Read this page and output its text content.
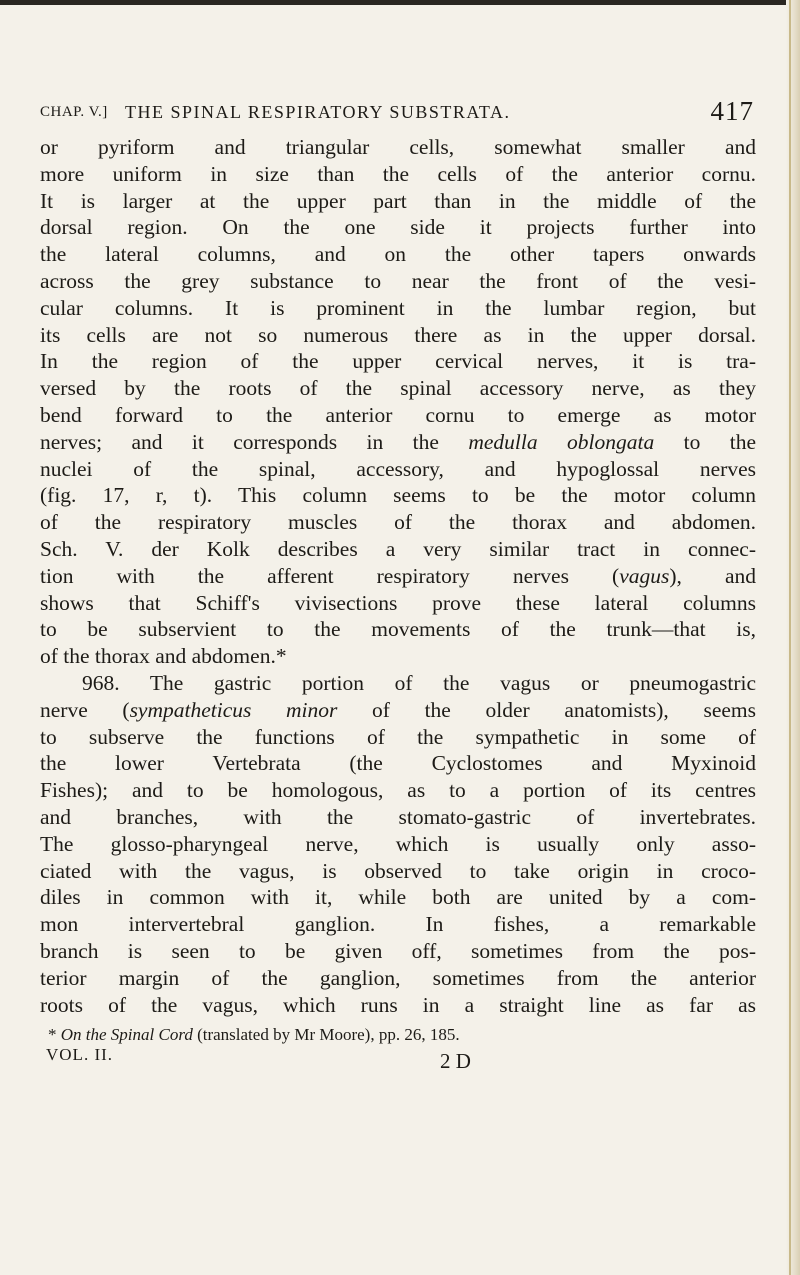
CHAP. V.] THE SPINAL RESPIRATORY SUBSTRATA.	417

or pyriform and triangular cells, somewhat smaller and
more uniform in size than the cells of the anterior cornu.
It is larger at the upper part than in the middle of the
dorsal region. On the one side it projects further into
the lateral columns, and on the other tapers onwards
across the grey substance to near the front of the vesi-
cular columns. It is prominent in the lumbar region, but
its cells are not so numerous there as in the upper dorsal.
In the region of the upper cervical nerves, it is tra-
versed by the roots of the spinal accessory nerve, as they
bend forward to the anterior cornu to emerge as motor
nerves; and it corresponds in the medulla oblongata to the
nuclei of the spinal, accessory, and hypoglossal nerves
(fig. 17, r, t). This column seems to be the motor column
of the respiratory muscles of the thorax and abdomen.
Sch. V. der Kolk describes a very similar tract in connec-
tion with the afferent respiratory nerves (vagus), and
shows that Schiff's vivisections prove these lateral columns
to be subservient to the movements of the trunk—that is,
of the thorax and abdomen.*

968. The gastric portion of the vagus or pneumogastric
nerve (sympatheticus minor of the older anatomists), seems
to subserve the functions of the sympathetic in some of
the lower Vertebrata (the Cyclostomes and Myxinoid
Fishes); and to be homologous, as to a portion of its centres
and branches, with the stomato-gastric of invertebrates.
The glosso-pharyngeal nerve, which is usually only asso-
ciated with the vagus, is observed to take origin in croco-
diles in common with it, while both are united by a com-
mon intervertebral ganglion. In fishes, a remarkable
branch is seen to be given off, sometimes from the pos-
terior margin of the ganglion, sometimes from the anterior
roots of the vagus, which runs in a straight line as far as

* On the Spinal Cord (translated by Mr Moore), pp. 26, 185.
VOL. II.	2 D
